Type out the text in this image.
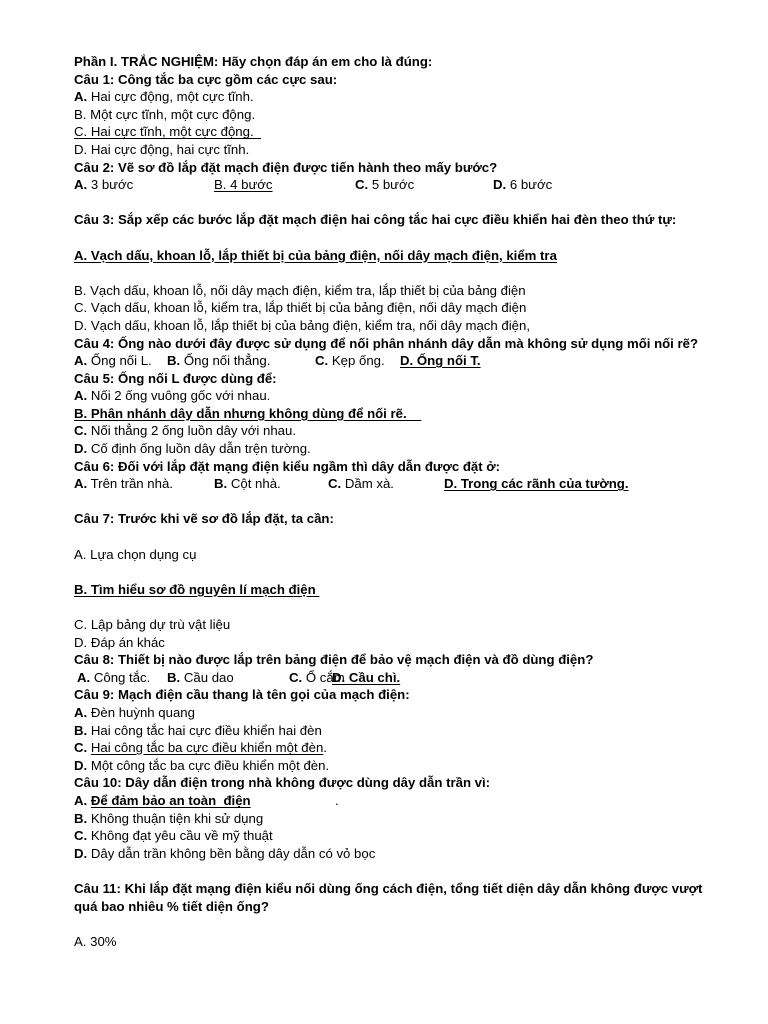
Phần I. TRẮC NGHIỆM: Hãy chọn đáp án em cho là đúng:
Câu 1: Công tắc ba cực gồm các cực sau:
A. Hai cực động, một cực tĩnh.
B. Một cực tĩnh, một cực động.
C. Hai cực tĩnh, một cực động.
D. Hai cực động, hai cực tĩnh.
Câu 2: Vẽ sơ đồ lắp đặt mạch điện được tiến hành theo mấy bước?
A. 3 bước	B. 4 bước	C. 5 bước	D. 6 bước
Câu 3: Sắp xếp các bước lắp đặt mạch điện hai công tắc hai cực điều khiển hai đèn theo thứ tự:
A. Vạch dấu, khoan lỗ, lắp thiết bị của bảng điện, nối dây mạch điện, kiểm tra
B. Vạch dấu, khoan lỗ, nối dây mạch điện, kiểm tra, lắp thiết bị của bảng điện
C. Vạch dấu, khoan lỗ, kiểm tra, lắp thiết bị của bảng điện, nối dây mạch điện
D. Vạch dấu, khoan lỗ, lắp thiết bị của bảng điện, kiểm tra, nối dây mạch điện,
Câu 4: Ống nào dưới đây được sử dụng để nối phân nhánh dây dẫn mà không sử dụng mối nối rẽ?
A. Ống nối L. B. Ống nối thẳng.	C. Kẹp ống. D. Ống nối T.
Câu 5: Ống nối L được dùng để:
A. Nối 2 ống vuông gốc với nhau.
B. Phân nhánh dây dẫn nhưng không dùng để nối rẽ.
C. Nối thẳng 2 ống luồn dây với nhau.
D. Cố định ống luồn dây dẫn trện tường.
Câu 6: Đối với lắp đặt mạng điện kiểu ngầm thì dây dẫn được đặt ở:
A. Trên trần nhà.	B. Cột nhà.	C. Dầm xà.	D. Trong các rãnh của tường.
Câu 7: Trước khi vẽ sơ đồ lắp đặt, ta cần:
A. Lựa chọn dụng cụ
B. Tìm hiểu sơ đồ nguyên lí mạch điện
C. Lập bảng dự trù vật liệu
D. Đáp án khác
Câu 8: Thiết bị nào được lắp trên bảng điện để bảo vệ mạch điện và đồ dùng điện?
A. Công tắc. B. Cầu dao	C. Ổ cắm
D. Cầu chì.
Câu 9: Mạch điện cầu thang là tên gọi của mạch điện:
A. Đèn huỳnh quang
B. Hai công tắc hai cực điều khiển hai đèn
C. Hai công tắc ba cực điều khiển một đèn.
D. Một công tắc ba cực điều khiển một đèn.
Câu 10: Dây dẫn điện trong nhà không được dùng dây dẫn trần vì:
A. Để đảm bảo an toàn  điện	.
B. Không thuận tiện khi sử dụng
C. Không đạt yêu cầu về mỹ thuật
D. Dây dẫn trần không bền bằng dây dẫn có vỏ bọc
Câu 11: Khi lắp đặt mạng điện kiểu nối dùng ống cách điện, tổng tiết diện dây dẫn không được vượt
quá bao nhiêu % tiết diện ống?
A. 30%
